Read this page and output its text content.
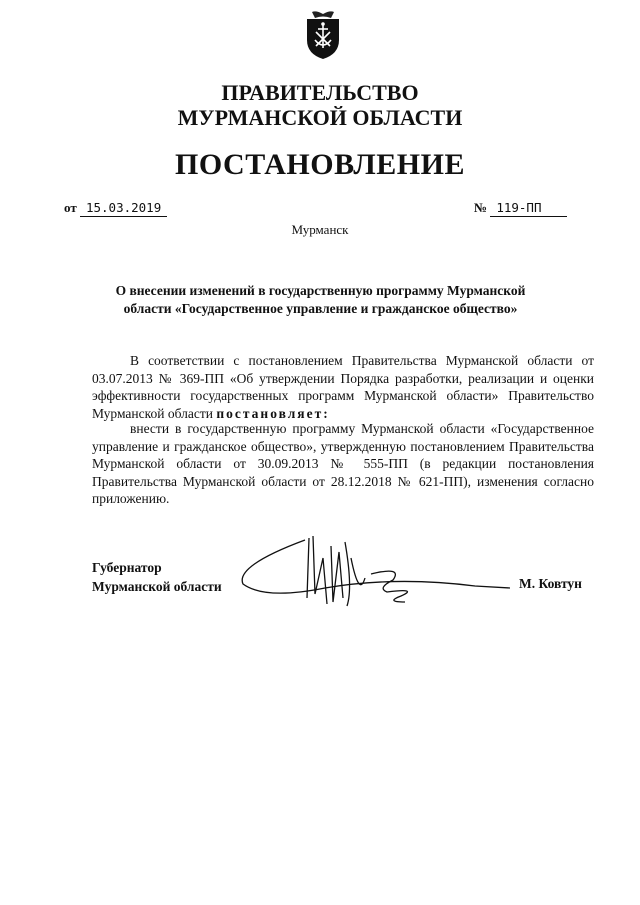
ПРАВИТЕЛЬСТВО
МУРМАНСКОЙ ОБЛАСТИ
ПОСТАНОВЛЕНИЕ
от 15.03.2019	№ 119-ПП
Мурманск
О внесении изменений в государственную программу Мурманской
области «Государственное управление и гражданское общество»
В соответствии с постановлением Правительства Мурманской области от 03.07.2013 № 369-ПП «Об утверждении Порядка разработки, реализации и оценки эффективности государственных программ Мурманской области» Правительство Мурманской области постановляет:
внести в государственную программу Мурманской области «Государственное управление и гражданское общество», утвержденную постановлением Правительства Мурманской области от 30.09.2013 № 555-ПП (в редакции постановления Правительства Мурманской области от 28.12.2018 № 621-ПП), изменения согласно приложению.
Губернатор
Мурманской области	М. Ковтун
